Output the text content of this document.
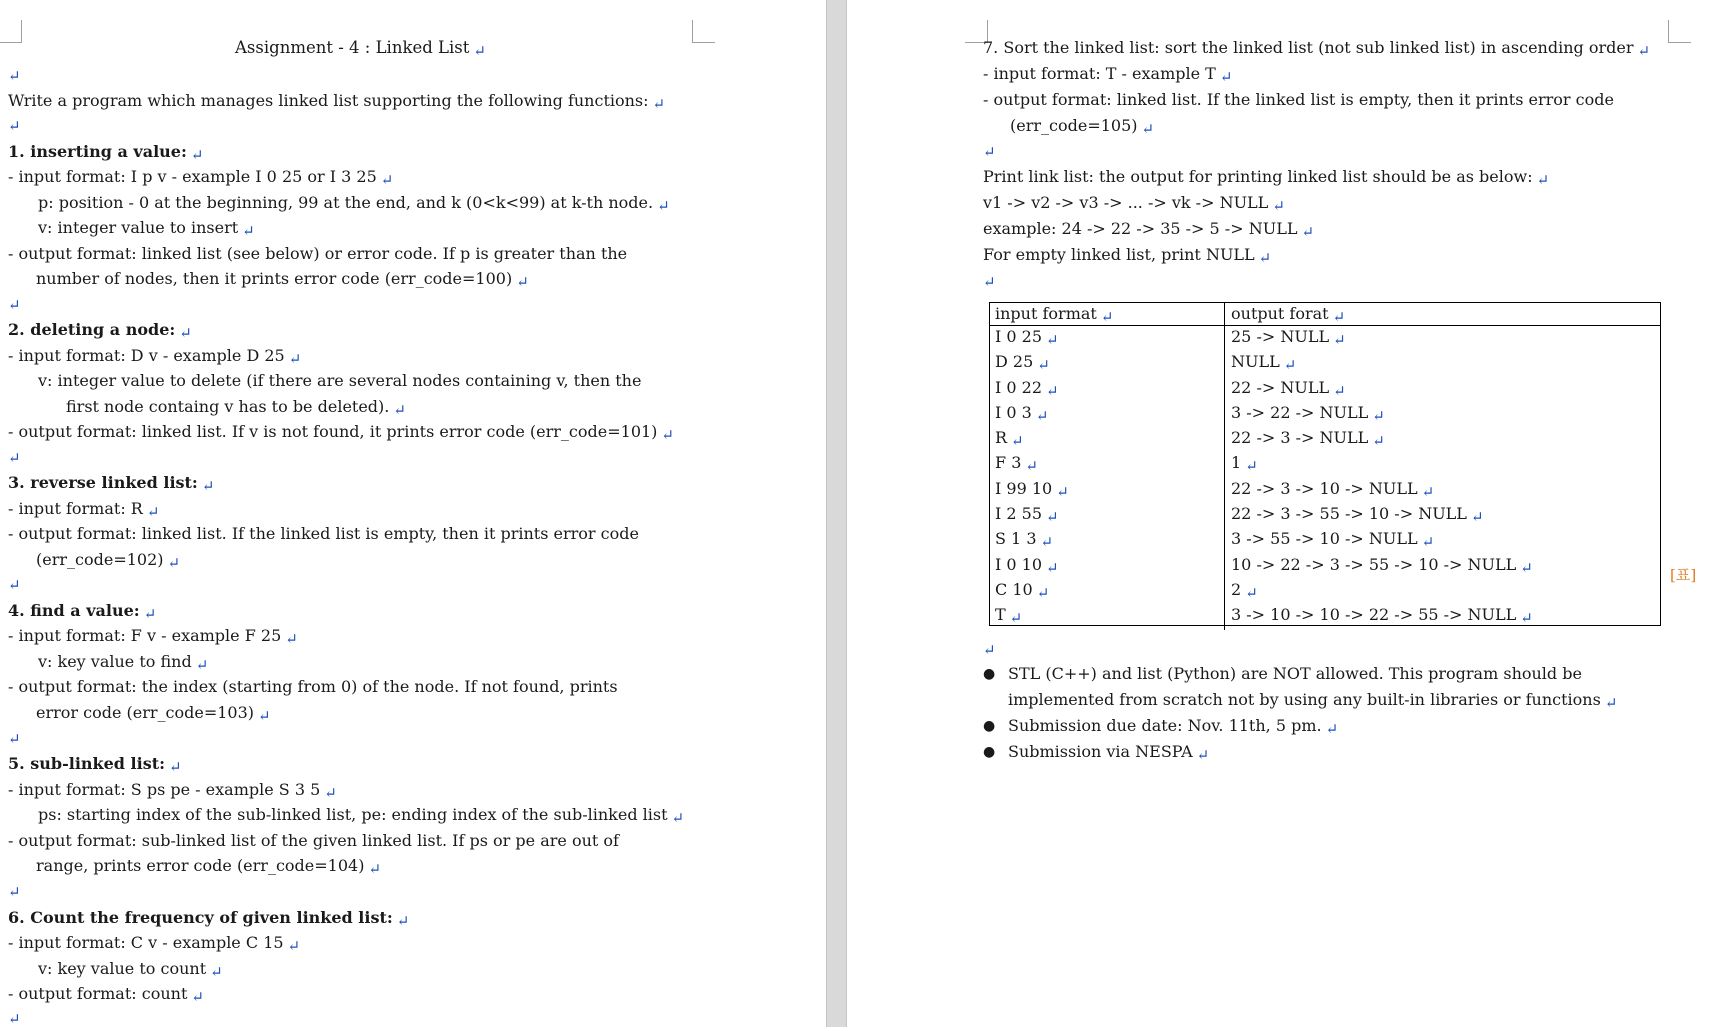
Assignment - 4 : Linked List ↵
↵
Write a program which manages linked list supporting the following functions: ↵
↵
1. inserting a value: ↵
- input format: I p v - example I 0 25 or I 3 25 ↵
p: position - 0 at the beginning, 99 at the end, and k (0<k<99) at k-th node. ↵
v: integer value to insert ↵
- output format: linked list (see below) or error code. If p is greater than the
number of nodes, then it prints error code (err_code=100) ↵
↵
2. deleting a node: ↵
- input format: D v - example D 25 ↵
v: integer value to delete (if there are several nodes containing v, then the
first node containg v has to be deleted). ↵
- output format: linked list. If v is not found, it prints error code (err_code=101) ↵
↵
3. reverse linked list: ↵
- input format: R ↵
- output format: linked list. If the linked list is empty, then it prints error code
(err_code=102) ↵
↵
4. find a value: ↵
- input format: F v - example F 25 ↵
v: key value to find ↵
- output format: the index (starting from 0) of the node. If not found, prints
error code (err_code=103) ↵
↵
5. sub-linked list: ↵
- input format: S ps pe - example S 3 5 ↵
ps: starting index of the sub-linked list, pe: ending index of the sub-linked list ↵
- output format: sub-linked list of the given linked list. If ps or pe are out of
range, prints error code (err_code=104) ↵
↵
6. Count the frequency of given linked list: ↵
- input format: C v - example C 15 ↵
v: key value to count ↵
- output format: count ↵
↵
7. Sort the linked list: sort the linked list (not sub linked list) in ascending order ↵
- input format: T - example T ↵
- output format: linked list. If the linked list is empty, then it prints error code
(err_code=105) ↵
↵
Print link list: the output for printing linked list should be as below: ↵
v1 -> v2 -> v3 -> ... -> vk -> NULL ↵
example: 24 -> 22 -> 35 -> 5 -> NULL ↵
For empty linked list, print NULL ↵
↵
input format ↵	output forat ↵
I 0 25 ↵	25 -> NULL ↵
D 25 ↵	NULL ↵
I 0 22 ↵	22 -> NULL ↵
I 0 3 ↵	3 -> 22 -> NULL ↵
R ↵	22 -> 3 -> NULL ↵
F 3 ↵	1 ↵
I 99 10 ↵	22 -> 3 -> 10 -> NULL ↵
I 2 55 ↵	22 -> 3 -> 55 -> 10 -> NULL ↵
S 1 3 ↵	3 -> 55 -> 10 -> NULL ↵
I 0 10 ↵	10 -> 22 -> 3 -> 55 -> 10 -> NULL ↵
C 10 ↵	2 ↵
T ↵	3 -> 10 -> 10 -> 22 -> 55 -> NULL ↵
[표]
↵
● STL (C++) and list (Python) are NOT allowed. This program should be
implemented from scratch not by using any built-in libraries or functions ↵
● Submission due date: Nov. 11th, 5 pm. ↵
● Submission via NESPA ↵
